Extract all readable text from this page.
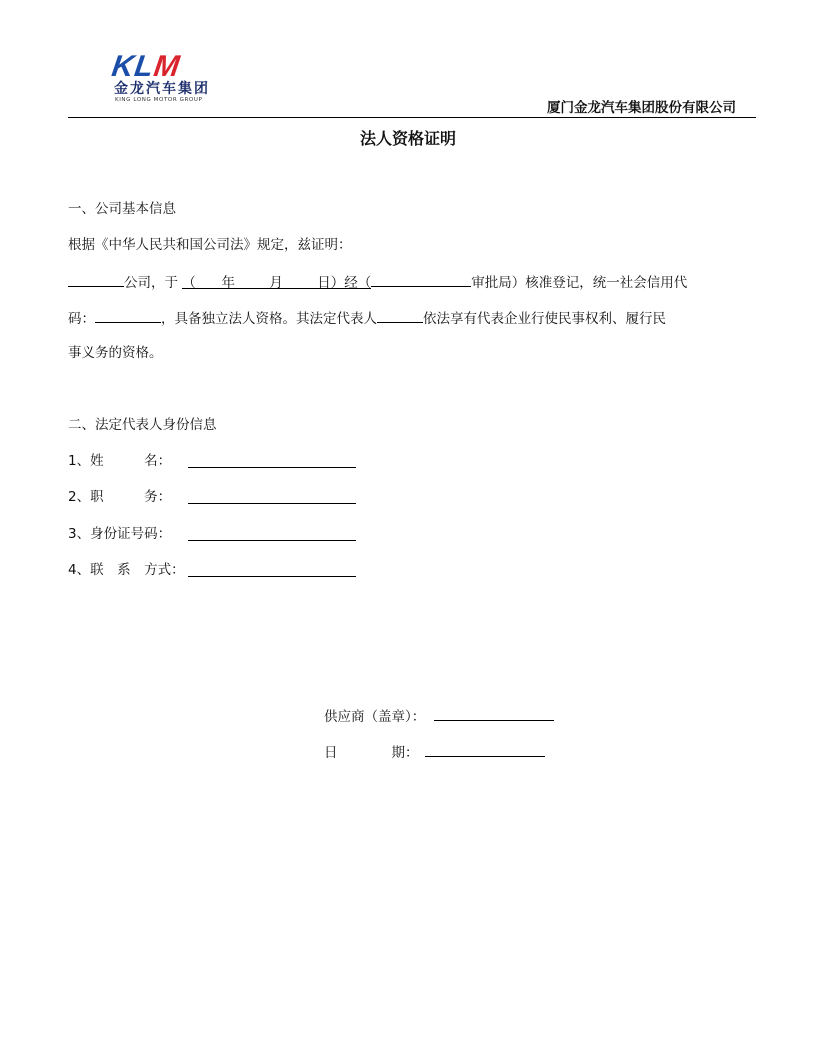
KLM
金龙汽车集团
KING LONG MOTOR GROUP	厦门金龙汽车集团股份有限公司
法人资格证明
一、公司基本信息
根据《中华人民共和国公司法》规定，兹证明：
公司，于 （ 年	月	日）经（	审批局）核准登记，统一社会信用代
码：	，具备独立法人资格。其法定代表人	依法享有代表企业行使民事权利、履行民
事义务的资格。
二、法定代表人身份信息
1、姓　　　名：
2、职　　　务：
3、身份证号码：
4、联　系　方式：
供应商（盖章）：
日　　　　期：
